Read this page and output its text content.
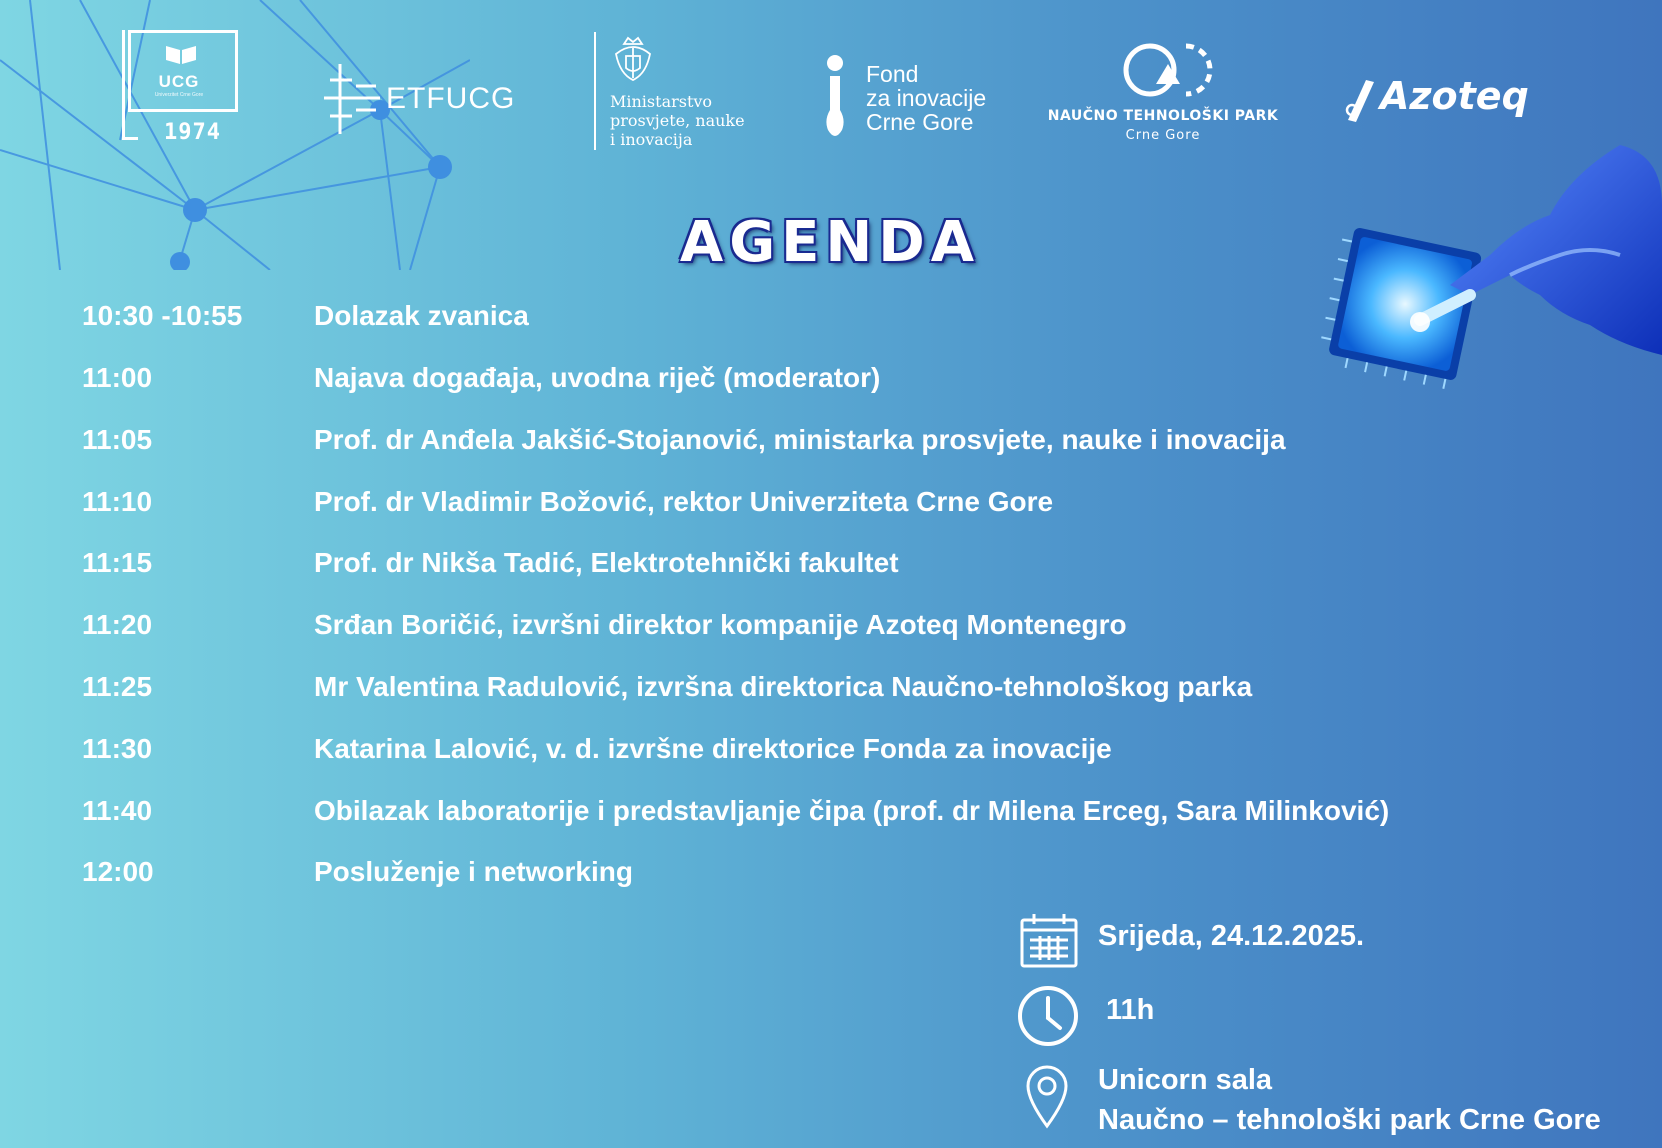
UCG
Univerzitet Crne Gore
1974
ETFUCG	Ministarstvo
prosvjete, nauke
i inovacija
Fond
za inovacije
Crne Gore	NAUČNO TEHNOLOŠKI PARK
Crne Gore
Azoteq
AGENDA
10:30 -10:55	Dolazak zvanica
11:00	Najava događaja, uvodna riječ (moderator)
11:05	Prof. dr Anđela Jakšić-Stojanović, ministarka prosvjete, nauke i inovacija
11:10	Prof. dr Vladimir Božović, rektor Univerziteta Crne Gore
11:15	Prof. dr Nikša Tadić, Elektrotehnički fakultet
11:20	Srđan Boričić, izvršni direktor kompanije Azoteq Montenegro
11:25	Mr Valentina Radulović, izvršna direktorica Naučno-tehnološkog parka
11:30	Katarina Lalović, v. d. izvršne direktorice Fonda za inovacije
11:40	Obilazak laboratorije i predstavljanje čipa (prof. dr Milena Erceg, Sara Milinković)
12:00	Posluženje i networking
Srijeda, 24.12.2025.
11h
Unicorn sala
Naučno – tehnološki park Crne Gore
